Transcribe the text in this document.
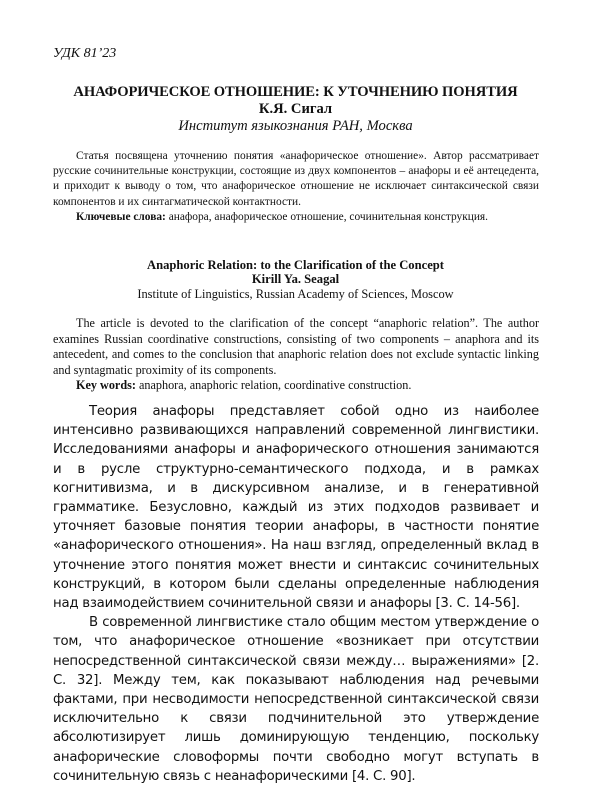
УДК 81’23

АНАФОРИЧЕСКОЕ ОТНОШЕНИЕ: К УТОЧНЕНИЮ ПОНЯТИЯ

К.Я. Сигал

Институт языкознания РАН, Москва

Статья посвящена уточнению понятия «анафорическое отношение». Автор рассматривает русские сочинительные конструкции, состоящие из двух компонентов – анафоры и её антецедента, и приходит к выводу о том, что анафорическое отношение не исключает синтаксической связи компонентов и их синтагматической контактности.

Ключевые слова: анафора, анафорическое отношение, сочинительная конструкция.

Anaphoric Relation: to the Clarification of the Concept

Kirill Ya. Seagal

Institute of Linguistics, Russian Academy of Sciences, Moscow

The article is devoted to the clarification of the concept “anaphoric relation”. The author examines Russian coordinative constructions, consisting of two components – anaphora and its antecedent, and comes to the conclusion that anaphoric relation does not exclude syntactic linking and syntagmatic proximity of its components.

Key words: anaphora, anaphoric relation, coordinative construction.

Теория анафоры представляет собой одно из наиболее интенсивно развивающихся направлений современной лингвистики. Исследованиями анафоры и анафорического отношения занимаются и в русле структурно-семантического подхода, и в рамках когнитивизма, и в дискурсивном анализе, и в генеративной грамматике. Безусловно, каждый из этих подходов развивает и уточняет базовые понятия теории анафоры, в частности понятие «анафорического отношения». На наш взгляд, определенный вклад в уточнение этого понятия может внести и синтаксис сочинительных конструкций, в котором были сделаны определенные наблюдения над взаимодействием сочинительной связи и анафоры [3. С. 14-56].

В современной лингвистике стало общим местом утверждение о том, что анафорическое отношение «возникает при отсутствии непосредственной синтаксической связи между… выражениями» [2. С. 32]. Между тем, как показывают наблюдения над речевыми фактами, при несводимости непосредственной синтаксической связи исключительно к связи подчинительной это утверждение абсолютизирует лишь доминирующую тенденцию, поскольку анафорические словоформы почти свободно могут вступать в сочинительную связь с неанафорическими [4. С. 90].
